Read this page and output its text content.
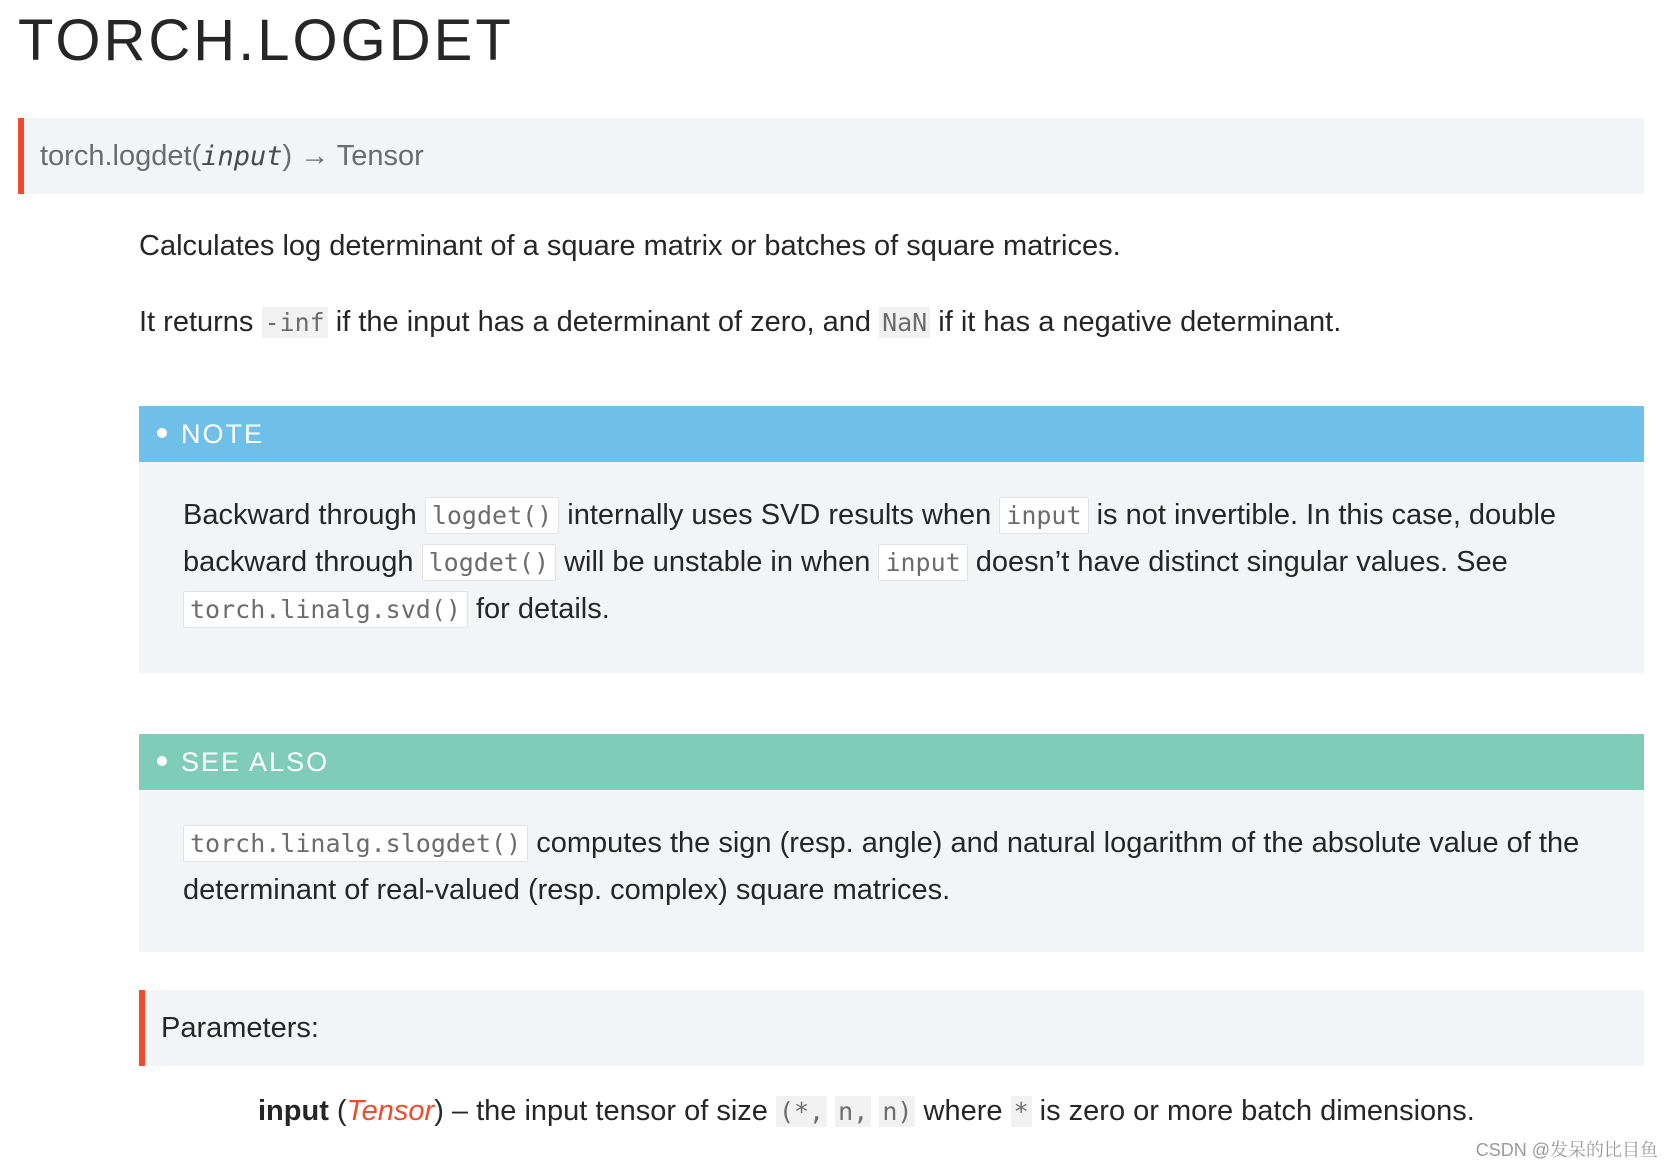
TORCH.LOGDET
torch.logdet(input) → Tensor

Calculates log determinant of a square matrix or batches of square matrices.

It returns -inf if the input has a determinant of zero, and NaN if it has a negative determinant.

NOTE
Backward through logdet() internally uses SVD results when input is not invertible. In this case, double
backward through logdet() will be unstable in when input doesn’t have distinct singular values. See
torch.linalg.svd() for details.
SEE ALSO
torch.linalg.slogdet() computes the sign (resp. angle) and natural logarithm of the absolute value of the
determinant of real-valued (resp. complex) square matrices.
Parameters:

input (Tensor) – the input tensor of size (*, n, n) where * is zero or more batch dimensions.

CSDN @发呆的比目鱼
